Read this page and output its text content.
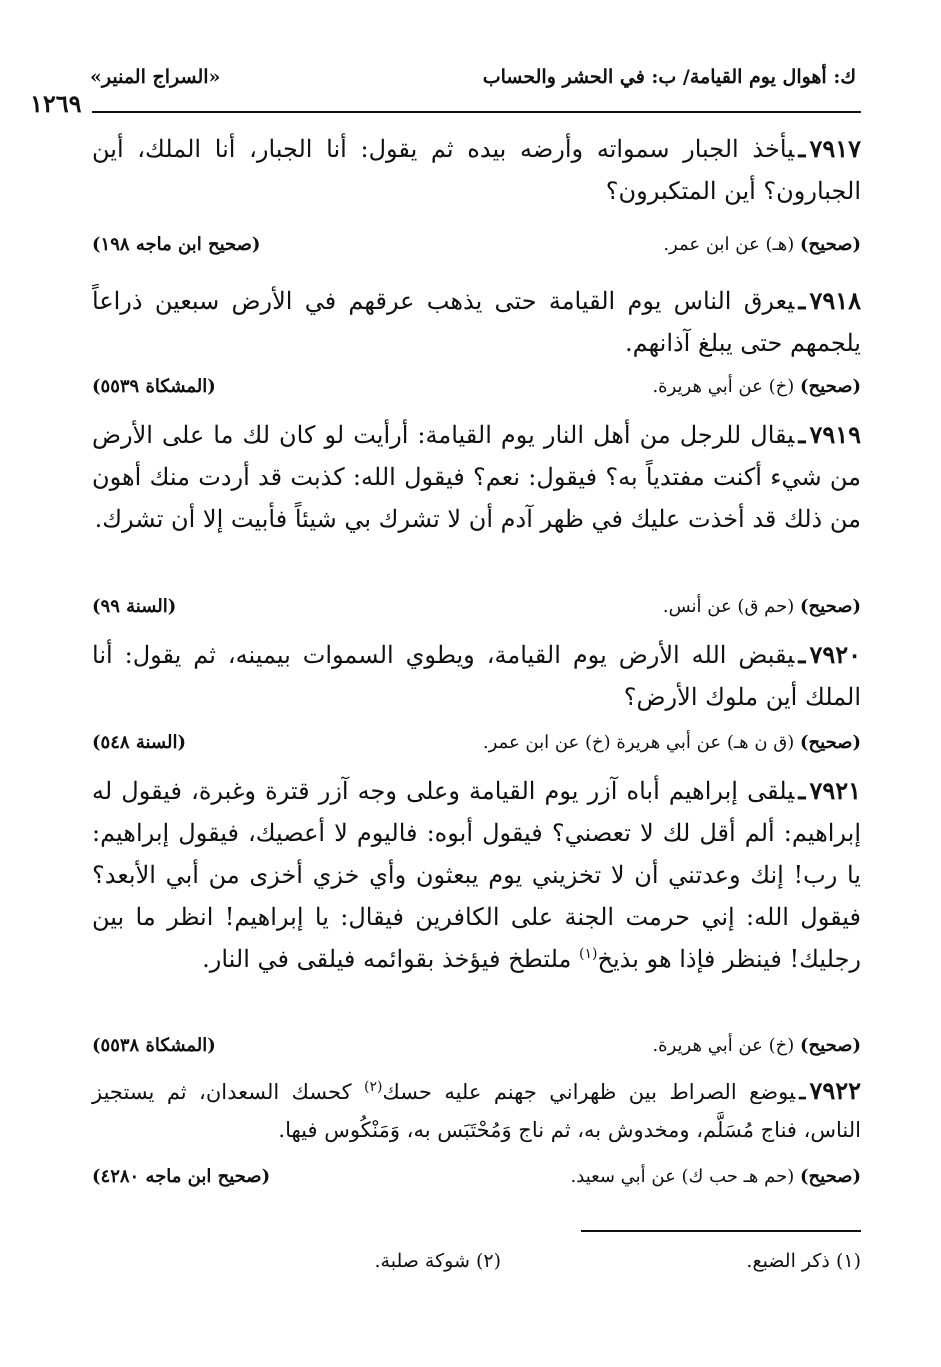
ك: أهوال يوم القيامة/ ب: في الحشر والحساب
«السراج المنير»
١٢٦٩

٧٩١٧ـيأخذ الجبار سمواته وأرضه بيده ثم يقول: أنا الجبار، أنا الملك، أين الجبارون؟ أين المتكبرون؟

(صحيح) (هـ) عن ابن عمر.
(صحيح ابن ماجه ١٩٨)

٧٩١٨ـيعرق الناس يوم القيامة حتى يذهب عرقهم في الأرض سبعين ذراعاً يلجمهم حتى يبلغ آذانهم.

(صحيح) (خ) عن أبي هريرة.
(المشكاة ٥٥٣٩)

٧٩١٩ـيقال للرجل من أهل النار يوم القيامة: أرأيت لو كان لك ما على الأرض من شيء أكنت مفتدياً به؟ فيقول: نعم؟ فيقول الله: كذبت قد أردت منك أهون من ذلك قد أخذت عليك في ظهر آدم أن لا تشرك بي شيئاً فأبيت إلا أن تشرك.

(صحيح) (حم ق) عن أنس.
(السنة ٩٩)

٧٩٢٠ـيقبض الله الأرض يوم القيامة، ويطوي السموات بيمينه، ثم يقول: أنا الملك أين ملوك الأرض؟

(صحيح) (ق ن هـ) عن أبي هريرة (خ) عن ابن عمر.
(السنة ٥٤٨)

٧٩٢١ـيلقى إبراهيم أباه آزر يوم القيامة وعلى وجه آزر قترة وغبرة، فيقول له إبراهيم: ألم أقل لك لا تعصني؟ فيقول أبوه: فاليوم لا أعصيك، فيقول إبراهيم: يا رب! إنك وعدتني أن لا تخزيني يوم يبعثون وأي خزي أخزى من أبي الأبعد؟ فيقول الله: إني حرمت الجنة على الكافرين فيقال: يا إبراهيم! انظر ما بين رجليك! فينظر فإذا هو بذيخ$^{(١)}$ ملتطخ فيؤخذ بقوائمه فيلقى في النار.

(صحيح) (خ) عن أبي هريرة.
(المشكاة ٥٥٣٨)

٧٩٢٢ـيوضع الصراط بين ظهراني جهنم عليه حسك$^{(٢)}$ كحسك السعدان، ثم يستجيز الناس، فناج مُسَلَّم، ومخدوش به، ثم ناج وَمُحْتَبَس به، وَمَنْكُوس فيها.

(صحيح) (حم هـ حب ك) عن أبي سعيد.
(صحيح ابن ماجه ٤٢٨٠)
(١) ذكر الضبع.
(٢) شوكة صلبة.
